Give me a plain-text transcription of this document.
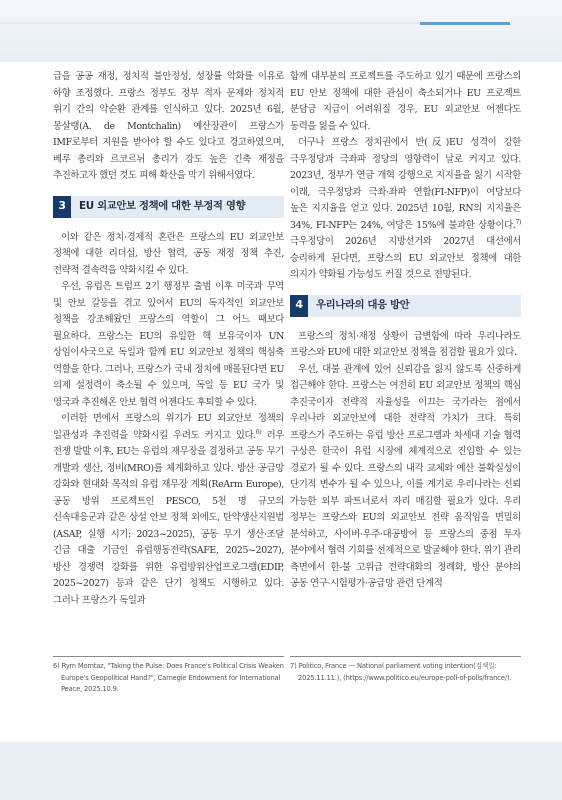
급을 공공 재정, 정치적 불안정성, 성장률 악화를 이유로 하향 조정했다. 프랑스 정부도 정부 적자 문제와 정치적 위기 간의 악순환 관계를 인식하고 있다. 2025년 6월, 몽살랭(A. de Montchalin) 예산장관이 프랑스가 IMF로부터 지원을 받아야 할 수도 있다고 경고하였으며, 베루 총리와 르코르뉘 총리가 강도 높은 긴축 재정을 추진하고자 했던 것도 피해 확산을 막기 위해서였다.

3	EU 외교안보 정책에 대한 부정적 영향

이와 같은 정치·경제적 혼란은 프랑스의 EU 외교안보 정책에 대한 리더십, 방산 협력, 공동 재정 정책 추진, 전략적 결속력을 약화시킬 수 있다.

우선, 유럽은 트럼프 2기 행정부 출범 이후 미국과 무역 및 안보 갈등을 겪고 있어서 EU의 독자적인 외교안보 정책을 강조해왔던 프랑스의 역할이 그 어느 때보다 필요하다. 프랑스는 EU의 유일한 핵 보유국이자 UN 상임이사국으로 독일과 함께 EU 외교안보 정책의 핵심축 역할을 한다. 그러나, 프랑스가 국내 정치에 매몰된다면 EU 의제 설정력이 축소될 수 있으며, 독일 등 EU 국가 및 영국과 추진해온 안보 협력 어젠다도 후퇴할 수 있다.

이러한 면에서 프랑스의 위기가 EU 외교안보 정책의 일관성과 추진력을 약화시킬 우려도 커지고 있다.$^{6)}$ 러우 전쟁 발발 이후, EU는 유럽의 재무장을 결정하고 공동 무기 개발과 생산, 정비(MRO)를 체계화하고 있다. 방산 공급망 강화와 현대화 목적의 유럽 재무장 계획(ReArm Europe), 공동 방위 프로젝트인 PESCO, 5천 명 규모의 신속대응군과 같은 상설 안보 정책 외에도, 탄약생산지원법(ASAP, 실행 시기: 2023~2025), 공동 무기 생산·조달 긴급 대출 기금인 유럽행동전략(SAFE, 2025~2027), 방산 경쟁력 강화를 위한 유럽방위산업프로그램(EDIP, 2025~2027) 등과 같은 단기 정책도 시행하고 있다. 그러나 프랑스가 독일과

함께 대부분의 프로젝트를 주도하고 있기 때문에 프랑스의 EU 안보 정책에 대한 관심이 축소되거나 EU 프로젝트 분담금 지급이 어려워질 경우, EU 외교안보 어젠다도 동력을 잃을 수 있다.

더구나 프랑스 정치권에서 반(反)EU 성격이 강한 극우정당과 극좌파 정당의 영향력이 날로 커지고 있다. 2023년, 정부가 연금 개혁 강행으로 지지율을 잃기 시작한 이래, 극우정당과 극좌·좌파 연합(FI-NFP)이 여당보다 높은 지지율을 얻고 있다. 2025년 10월, RN의 지지율은 34%, FI-NFP는 24%, 여당은 15%에 불과한 상황이다.$^{7)}$ 극우정당이 2026년 지방선거와 2027년 대선에서 승리하게 된다면, 프랑스의 EU 외교안보 정책에 대한 의지가 약화될 가능성도 커질 것으로 전망된다.

4	우리나라의 대응 방안

프랑스의 정치·재정 상황이 급변함에 따라 우리나라도 프랑스와 EU에 대한 외교안보 정책을 점검할 필요가 있다.

우선, 대불 관계에 있어 신뢰감을 잃지 않도록 신중하게 접근해야 한다. 프랑스는 여전히 EU 외교안보 정책의 핵심 추진국이자 전략적 자율성을 이끄는 국가라는 점에서 우리나라 외교안보에 대한 전략적 가치가 크다. 특히 프랑스가 주도하는 유럽 방산 프로그램과 차세대 기술 협력 구상은 한국이 유럽 시장에 체계적으로 진입할 수 있는 경로가 될 수 있다. 프랑스의 내각 교체와 예산 불확실성이 단기적 변수가 될 수 있으나, 이를 계기로 우리나라는 신뢰 가능한 외부 파트너로서 자리 매김할 필요가 있다. 우리 정부는 프랑스와 EU의 외교안보 전략 움직임을 면밀히 분석하고, 사이버·우주·대공방어 등 프랑스의 중점 투자 분야에서 협력 기회를 선제적으로 발굴해야 한다. 위기 관리 측면에서 한-불 고위급 전략대화의 정례화, 방산 분야의 공동 연구·시험평가·공급망 관련 단계적

6) Rym Momtaz, "Taking the Pulse: Does France's Political Crisis Weaken Europe's Geopolitical Hand?", Carnegie Endowment for International Peace, 2025.10.9.
7) Politico, France — National parliament voting intention(검색일: 2025.11.11.), (https://www.politico.eu/europe-poll-of-polls/france/).
